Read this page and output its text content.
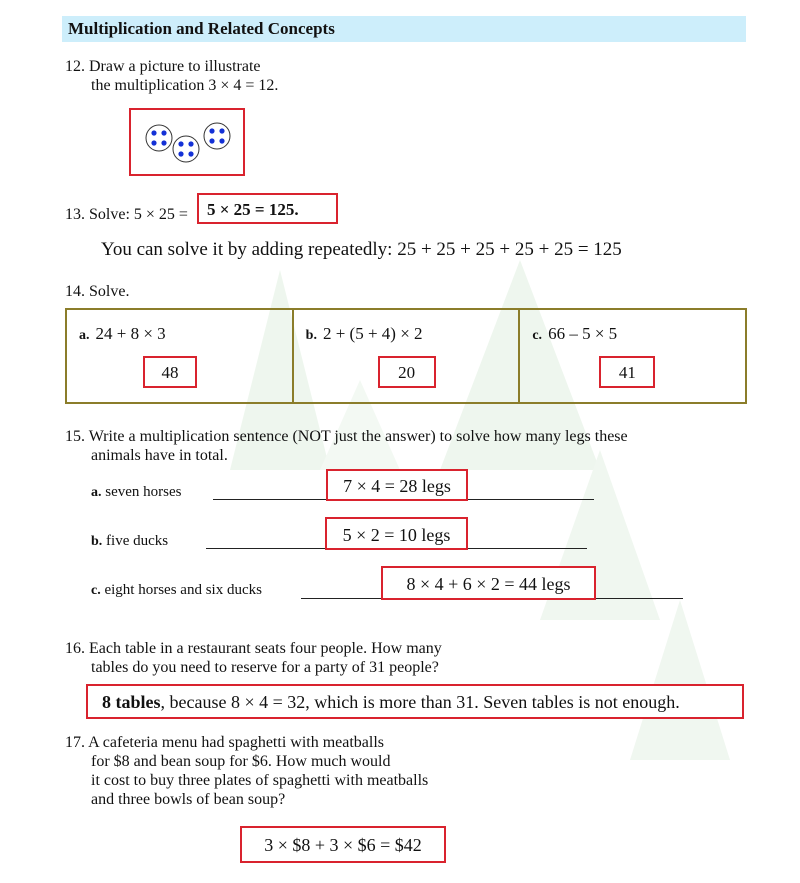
Multiplication and Related Concepts
12. Draw a picture to illustrate
the multiplication 3 × 4 = 12.
13. Solve: 5 × 25 = 5 × 25 = 125.
You can solve it by adding repeatedly: 25 + 25 + 25 + 25 + 25 = 125
14. Solve.
a. 24 + 8 × 3
48
b. 2 + (5 + 4) × 2
20
c. 66 – 5 × 5
41
15. Write a multiplication sentence (NOT just the answer) to solve how many legs these
animals have in total.
a. seven horses	7 × 4 = 28 legs
b. five ducks	5 × 2 = 10 legs
c. eight horses and six ducks	8 × 4 + 6 × 2 = 44 legs
16. Each table in a restaurant seats four people. How many
tables do you need to reserve for a party of 31 people?
8 tables, because 8 × 4 = 32, which is more than 31. Seven tables is not enough.
17. A cafeteria menu had spaghetti with meatballs
for $8 and bean soup for $6. How much would
it cost to buy three plates of spaghetti with meatballs
and three bowls of bean soup?
3 × $8 + 3 × $6 = $42
